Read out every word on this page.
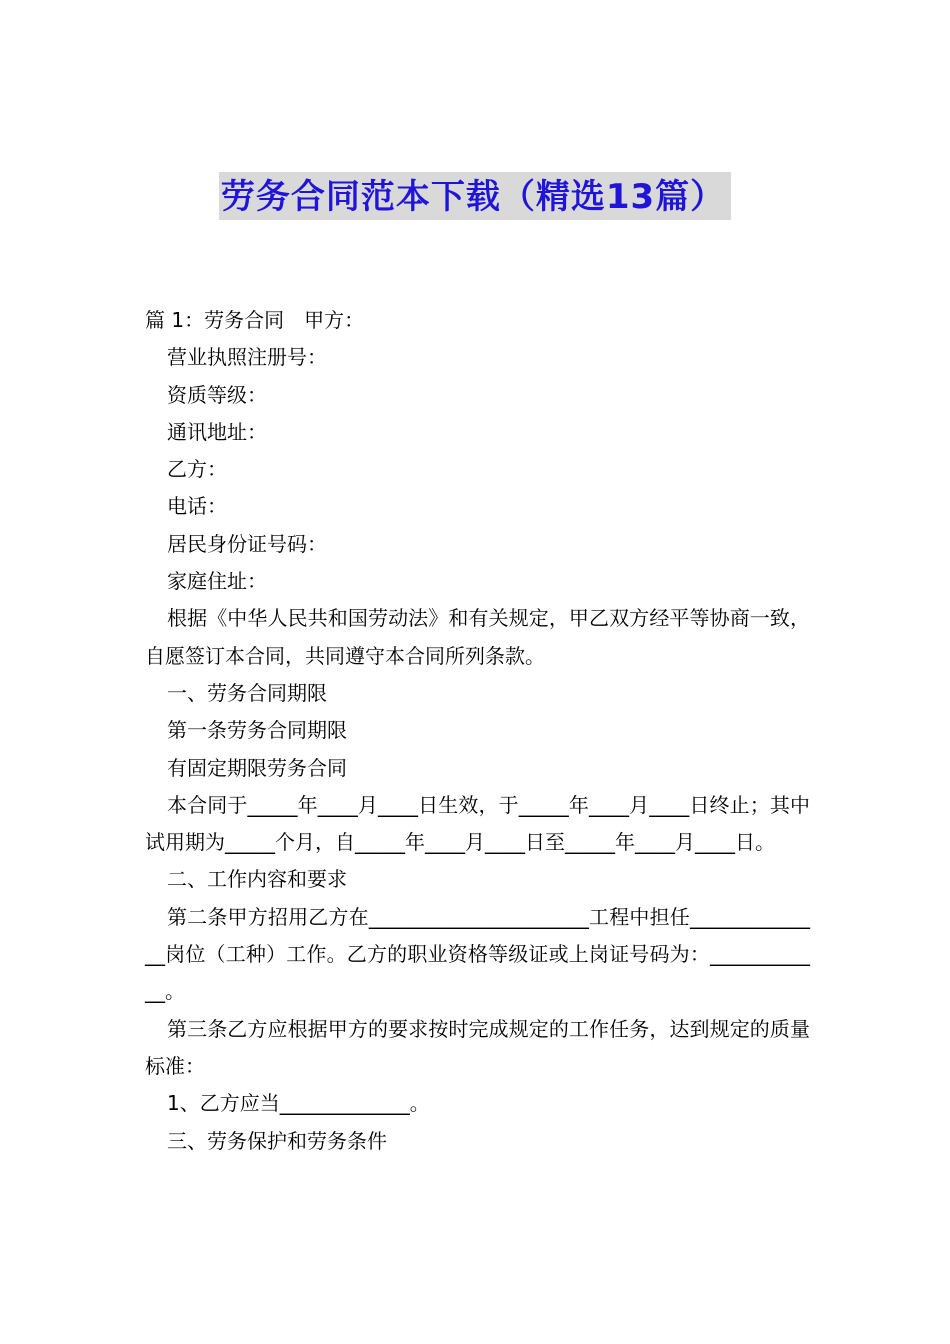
劳务合同范本下载（精选13篇）

篇 1：劳务合同　甲方：

营业执照注册号：

资质等级：

通讯地址：

乙方：

电话：

居民身份证号码：

家庭住址：

根据《中华人民共和国劳动法》和有关规定，甲乙双方经平等协商一致，自愿签订本合同，共同遵守本合同所列条款。

一、劳务合同期限

第一条劳务合同期限

有固定期限劳务合同

本合同于_____年____月____日生效，于_____年____月____日终止；其中试用期为_____个月，自_____年____月____日至_____年____月____日。

二、工作内容和要求

第二条甲方招用乙方在______________________工程中担任______________岗位（工种）工作。乙方的职业资格等级证或上岗证号码为：____________。

第三条乙方应根据甲方的要求按时完成规定的工作任务，达到规定的质量标准：

1、乙方应当_____________。

三、劳务保护和劳务条件
